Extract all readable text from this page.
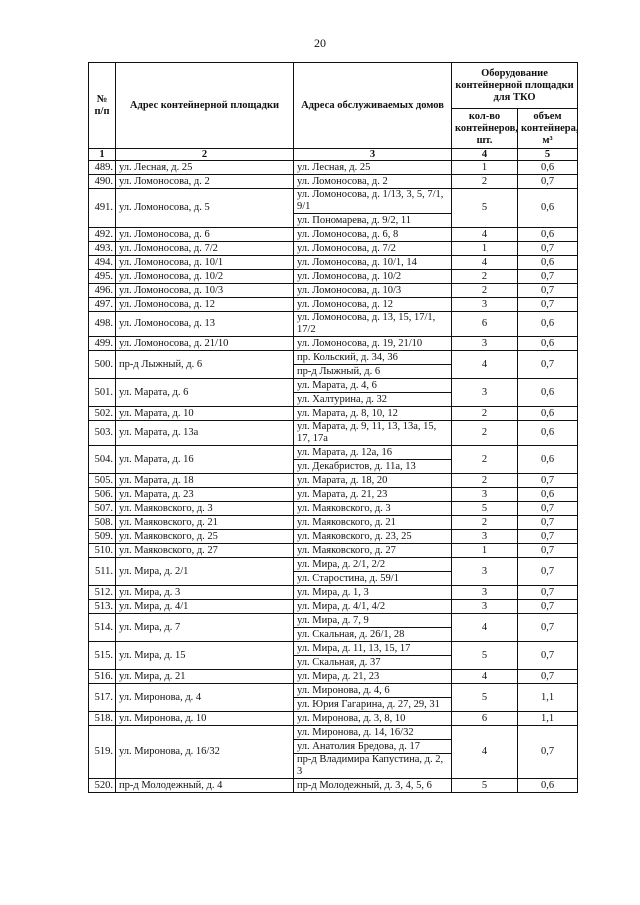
20
№ п/п	Адрес контейнерной площадки	Адреса обслуживаемых домов	Оборудование контейнерной площадки для ТКО	
			кол-во контейнеров, шт.	объем контейнера, м³
1	2	3	4	5
489.	ул. Лесная, д. 25	ул. Лесная, д. 25	1	0,6
490.	ул. Ломоносова, д. 2	ул. Ломоносова, д. 2	2	0,7
491.	ул. Ломоносова, д. 5	ул. Ломоносова, д. 1/13, 3, 5, 7/1, 9/1	5	0,6
		ул. Пономарева, д. 9/2, 11		
492.	ул. Ломоносова, д. 6	ул. Ломоносова, д. 6, 8	4	0,6
493.	ул. Ломоносова, д. 7/2	ул. Ломоносова, д. 7/2	1	0,7
494.	ул. Ломоносова, д. 10/1	ул. Ломоносова, д. 10/1, 14	4	0,6
495.	ул. Ломоносова, д. 10/2	ул. Ломоносова, д. 10/2	2	0,7
496.	ул. Ломоносова, д. 10/3	ул. Ломоносова, д. 10/3	2	0,7
497.	ул. Ломоносова, д. 12	ул. Ломоносова, д. 12	3	0,7
498.	ул. Ломоносова, д. 13	ул. Ломоносова, д. 13, 15, 17/1, 17/2	6	0,6
499.	ул. Ломоносова, д. 21/10	ул. Ломоносова, д. 19, 21/10	3	0,6
500.	пр-д Лыжный, д. 6	пр. Кольский, д. 34, 36	4	0,7
		пр-д Лыжный, д. 6		
501.	ул. Марата, д. 6	ул. Марата, д. 4, 6	3	0,6
		ул. Халтурина, д. 32		
502.	ул. Марата, д. 10	ул. Марата, д. 8, 10, 12	2	0,6
503.	ул. Марата, д. 13а	ул. Марата, д. 9, 11, 13, 13а, 15, 17, 17а	2	0,6
504.	ул. Марата, д. 16	ул. Марата, д. 12а, 16	2	0,6
		ул. Декабристов, д. 11а, 13		
505.	ул. Марата, д. 18	ул. Марата, д. 18, 20	2	0,7
506.	ул. Марата, д. 23	ул. Марата, д. 21, 23	3	0,6
507.	ул. Маяковского, д. 3	ул. Маяковского, д. 3	5	0,7
508.	ул. Маяковского, д. 21	ул. Маяковского, д. 21	2	0,7
509.	ул. Маяковского, д. 25	ул. Маяковского, д. 23, 25	3	0,7
510.	ул. Маяковского, д. 27	ул. Маяковского, д. 27	1	0,7
511.	ул. Мира, д. 2/1	ул. Мира, д. 2/1, 2/2	3	0,7
		ул. Старостина, д. 59/1		
512.	ул. Мира, д. 3	ул. Мира, д. 1, 3	3	0,7
513.	ул. Мира, д. 4/1	ул. Мира, д. 4/1, 4/2	3	0,7
514.	ул. Мира, д. 7	ул. Мира, д. 7, 9	4	0,7
		ул. Скальная, д. 26/1, 28		
515.	ул. Мира, д. 15	ул. Мира, д. 11, 13, 15, 17	5	0,7
		ул. Скальная, д. 37		
516.	ул. Мира, д. 21	ул. Мира, д. 21, 23	4	0,7
517.	ул. Миронова, д. 4	ул. Миронова, д. 4, 6	5	1,1
		ул. Юрия Гагарина, д. 27, 29, 31		
518.	ул. Миронова, д. 10	ул. Миронова, д. 3, 8, 10	6	1,1
519.	ул. Миронова, д. 16/32	ул. Миронова, д. 14, 16/32	4	0,7
		ул. Анатолия Бредова, д. 17		
		пр-д Владимира Капустина, д. 2, 3		
520.	пр-д Молодежный, д. 4	пр-д Молодежный, д. 3, 4, 5, 6	5	0,6
